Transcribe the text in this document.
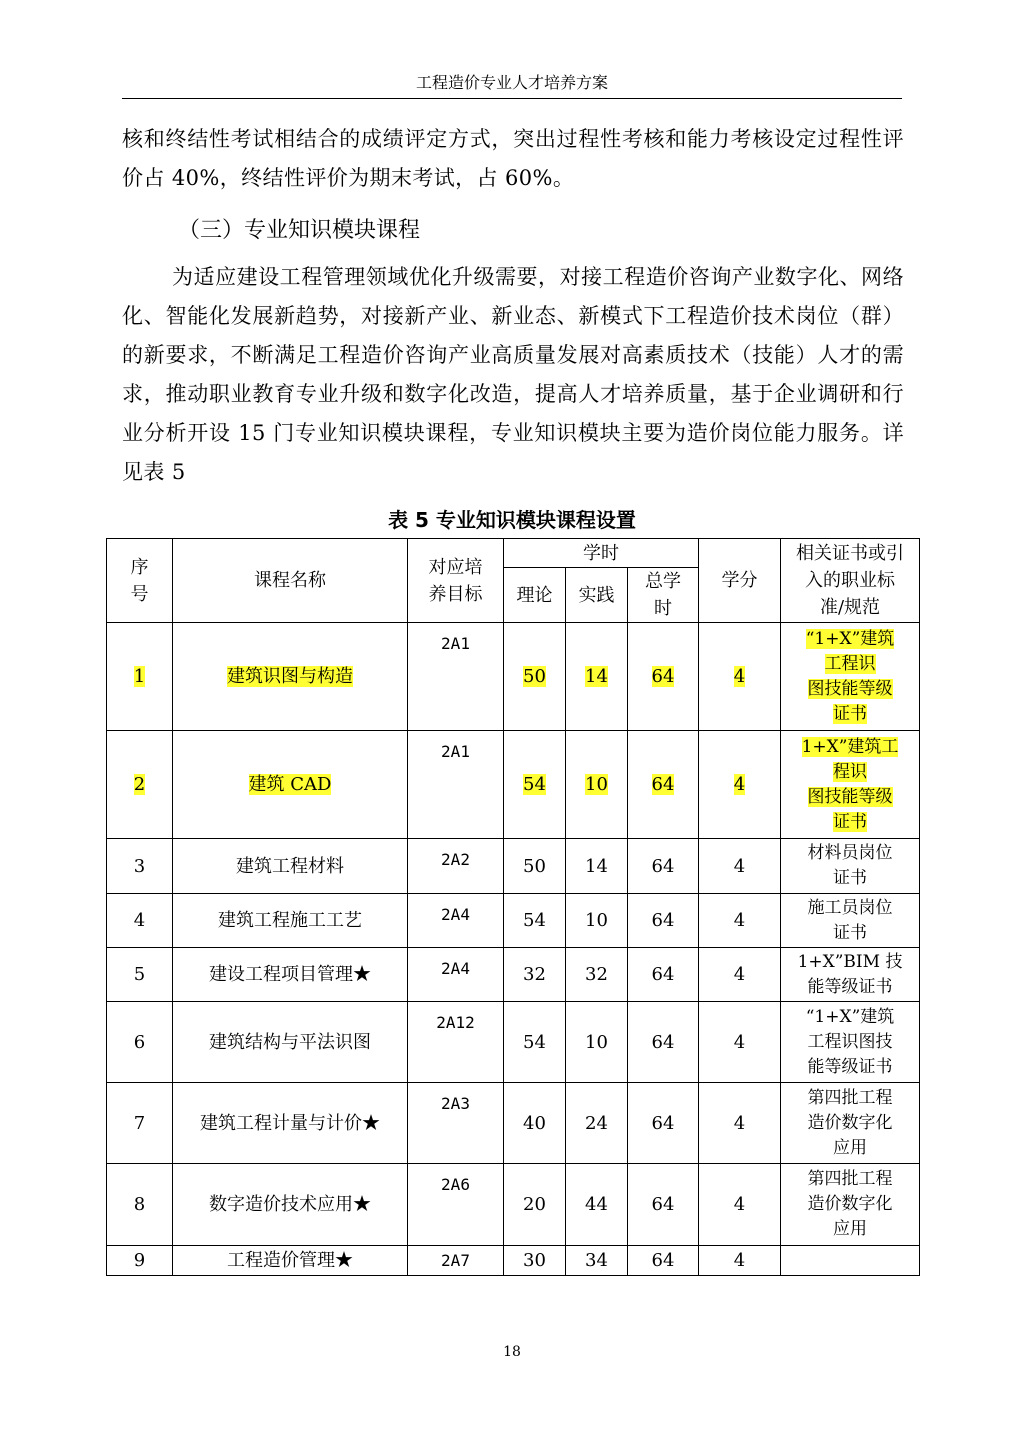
工程造价专业人才培养方案

核和终结性考试相结合的成绩评定方式，突出过程性考核和能力考核设定过程性评价占 40%，终结性评价为期末考试，占 60%。

（三）专业知识模块课程

为适应建设工程管理领域优化升级需要，对接工程造价咨询产业数字化、网络化、智能化发展新趋势，对接新产业、新业态、新模式下工程造价技术岗位（群）的新要求，不断满足工程造价咨询产业高质量发展对高素质技术（技能）人才的需求，推动职业教育专业升级和数字化改造，提高人才培养质量，基于企业调研和行业分析开设 15 门专业知识模块课程，专业知识模块主要为造价岗位能力服务。详见表 5

表 5 专业知识模块课程设置
序号	课程名称	对应培养目标	学时			学分	相关证书或引入的职业标准/规范

			理论	实践	总学时		

1	建筑识图与构造	2A1	50	14	64	4	“1+X”建筑
工程识
图技能等级
证书
2	建筑 CAD	2A1	54	10	64	4	1+X”建筑工
程识
图技能等级
证书
3	建筑工程材料	2A2	50	14	64	4	材料员岗位
证书

4	建筑工程施工工艺	2A4	54	10	64	4	施工员岗位
证书

5	建设工程项目管理★	2A4	32	32	64	4	1+X”BIM 技
能等级证书

6	建筑结构与平法识图	2A12	54	10	64	4	“1+X”建筑
工程识图技
能等级证书

7	建筑工程计量与计价★	2A3	40	24	64	4	第四批工程
造价数字化
应用

8	数字造价技术应用★	2A6	20	44	64	4	第四批工程
造价数字化
应用

9	工程造价管理★	2A7	30	34	64	4	
18
